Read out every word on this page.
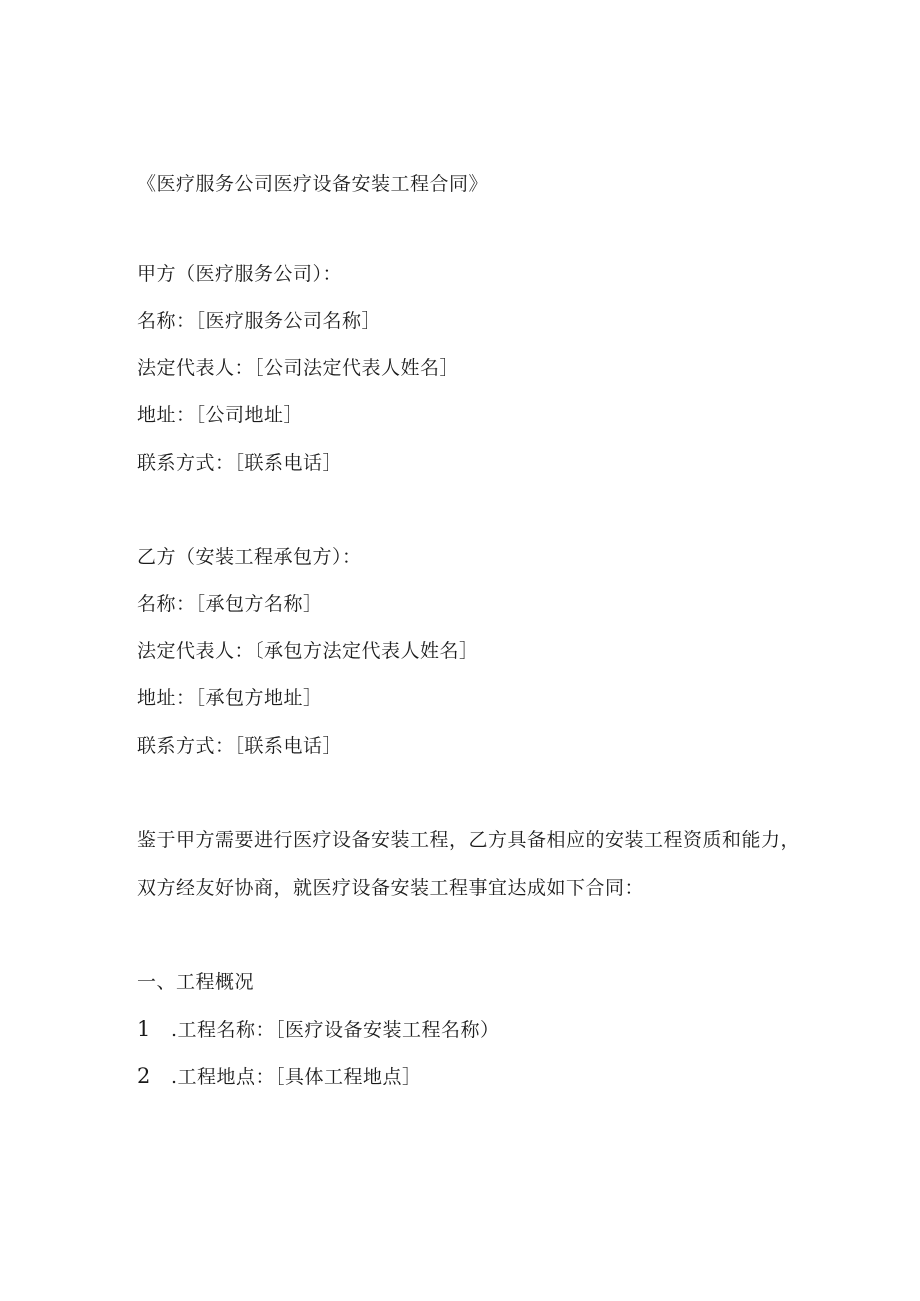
《医疗服务公司医疗设备安装工程合同》
甲方（医疗服务公司）：
名称：［医疗服务公司名称］
法定代表人：［公司法定代表人姓名］
地址：［公司地址］
联系方式：［联系电话］
乙方（安装工程承包方）：
名称：［承包方名称］
法定代表人：〔承包方法定代表人姓名］
地址：［承包方地址］
联系方式：［联系电话］
鉴于甲方需要进行医疗设备安装工程，乙方具备相应的安装工程资质和能力，
双方经友好协商，就医疗设备安装工程事宜达成如下合同：
一、工程概况
1 .工程名称：［医疗设备安装工程名称）
2 .工程地点：［具体工程地点］
